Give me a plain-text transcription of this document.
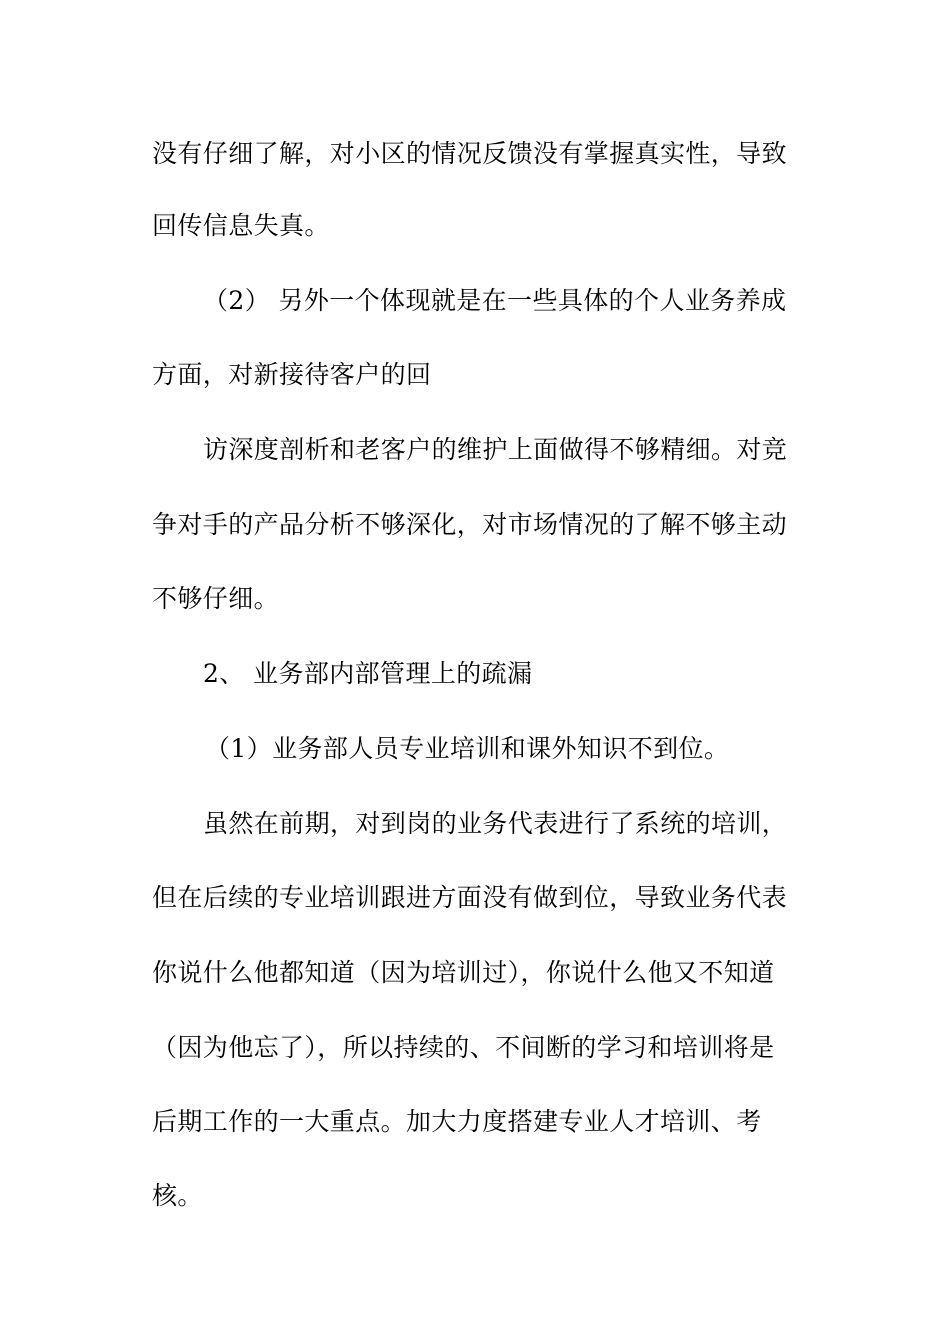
没有仔细了解，对小区的情况反馈没有掌握真实性，导致
回传信息失真。
（2） 另外一个体现就是在一些具体的个人业务养成
方面，对新接待客户的回
访深度剖析和老客户的维护上面做得不够精细。对竞
争对手的产品分析不够深化，对市场情况的了解不够主动
不够仔细。
2、 业务部内部管理上的疏漏
（1）业务部人员专业培训和课外知识不到位。
虽然在前期，对到岗的业务代表进行了系统的培训，
但在后续的专业培训跟进方面没有做到位，导致业务代表
你说什么他都知道（因为培训过），你说什么他又不知道
（因为他忘了），所以持续的、不间断的学习和培训将是
后期工作的一大重点。加大力度搭建专业人才培训、考
核。
